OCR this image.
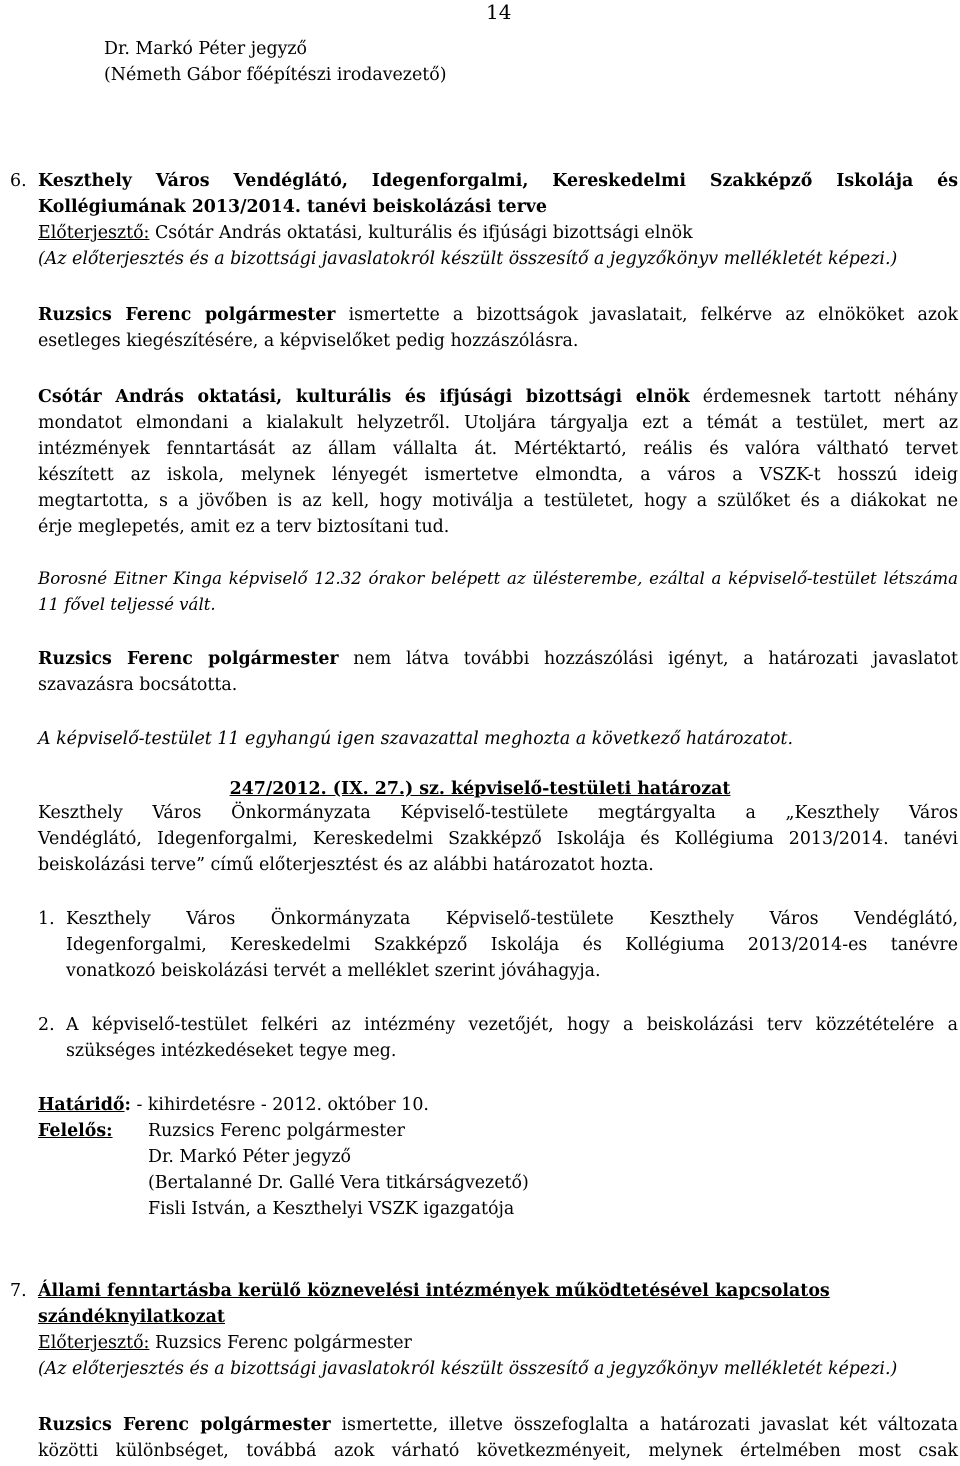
14
Dr. Markó Péter jegyző
(Németh Gábor főépítészi irodavezető)
6. Keszthely Város Vendéglátó, Idegenforgalmi, Kereskedelmi Szakképző Iskolája és
Kollégiumának 2013/2014. tanévi beiskolázási terve
Előterjesztő: Csótár András oktatási, kulturális és ifjúsági bizottsági elnök
(Az előterjesztés és a bizottsági javaslatokról készült összesítő a jegyzőkönyv mellékletét képezi.)
Ruzsics Ferenc polgármester ismertette a bizottságok javaslatait, felkérve az elnököket azok
esetleges kiegészítésére, a képviselőket pedig hozzászólásra.
Csótár András oktatási, kulturális és ifjúsági bizottsági elnök érdemesnek tartott néhány
mondatot elmondani a kialakult helyzetről. Utoljára tárgyalja ezt a témát a testület, mert az
intézmények fenntartását az állam vállalta át. Mértéktartó, reális és valóra váltható tervet
készített az iskola, melynek lényegét ismertetve elmondta, a város a VSZK-t hosszú ideig
megtartotta, s a jövőben is az kell, hogy motiválja a testületet, hogy a szülőket és a diákokat ne
érje meglepetés, amit ez a terv biztosítani tud.
Borosné Eitner Kinga képviselő 12.32 órakor belépett az ülésterembe, ezáltal a képviselő-testület létszáma
11 fővel teljessé vált.
Ruzsics Ferenc polgármester nem látva további hozzászólási igényt, a határozati javaslatot
szavazásra bocsátotta.
A képviselő-testület 11 egyhangú igen szavazattal meghozta a következő határozatot.
247/2012. (IX. 27.) sz. képviselő-testületi határozat
Keszthely Város Önkormányzata Képviselő-testülete megtárgyalta a „Keszthely Város
Vendéglátó, Idegenforgalmi, Kereskedelmi Szakképző Iskolája és Kollégiuma 2013/2014. tanévi
beiskolázási terve” című előterjesztést és az alábbi határozatot hozta.
1. Keszthely Város Önkormányzata Képviselő-testülete Keszthely Város Vendéglátó,
Idegenforgalmi, Kereskedelmi Szakképző Iskolája és Kollégiuma 2013/2014-es tanévre
vonatkozó beiskolázási tervét a melléklet szerint jóváhagyja.
2. A képviselő-testület felkéri az intézmény vezetőjét, hogy a beiskolázási terv közzétételére a
szükséges intézkedéseket tegye meg.
Határidő: - kihirdetésre - 2012. október 10.
Felelős:	Ruzsics Ferenc polgármester
Dr. Markó Péter jegyző
(Bertalanné Dr. Gallé Vera titkárságvezető)
Fisli István, a Keszthelyi VSZK igazgatója
7. Állami fenntartásba kerülő köznevelési intézmények működtetésével kapcsolatos
szándéknyilatkozat
Előterjesztő: Ruzsics Ferenc polgármester
(Az előterjesztés és a bizottsági javaslatokról készült összesítő a jegyzőkönyv mellékletét képezi.)
Ruzsics Ferenc polgármester ismertette, illetve összefoglalta a határozati javaslat két változata
közötti különbséget, továbbá azok várható következményeit, melynek értelmében most csak
